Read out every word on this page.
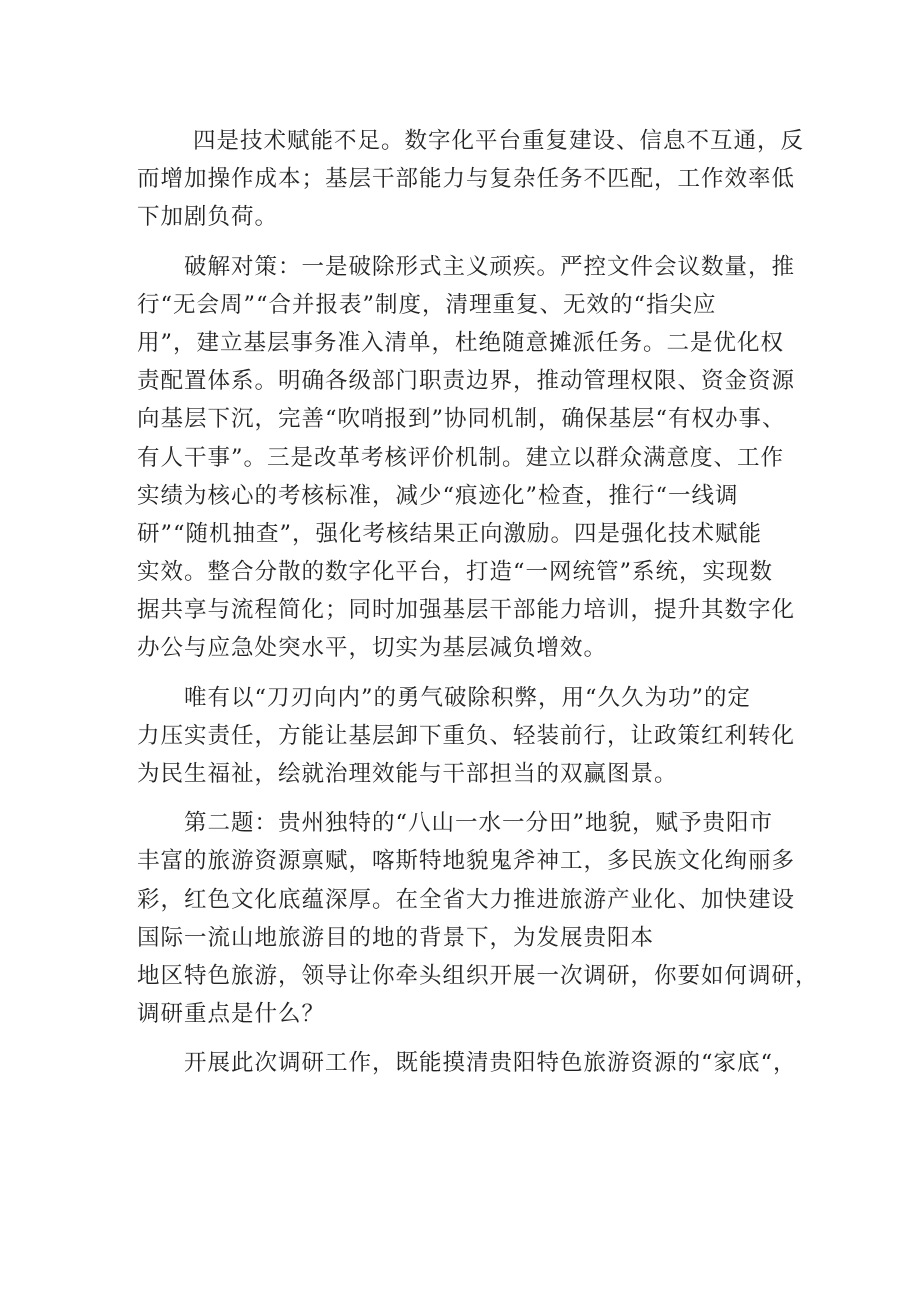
四是技术赋能不足。数字化平台重复建设、信息不互通，反
而增加操作成本；基层干部能力与复杂任务不匹配，工作效率低
下加剧负荷。
破解对策：一是破除形式主义顽疾。严控文件会议数量，推
行“无会周”“合并报表”制度，清理重复、无效的“指尖应
用”，建立基层事务准入清单，杜绝随意摊派任务。二是优化权
责配置体系。明确各级部门职责边界，推动管理权限、资金资源
向基层下沉，完善“吹哨报到”协同机制，确保基层“有权办事、
有人干事”。三是改革考核评价机制。建立以群众满意度、工作
实绩为核心的考核标准，减少“痕迹化”检查，推行“一线调
研”“随机抽查”，强化考核结果正向激励。四是强化技术赋能
实效。整合分散的数字化平台，打造“一网统管”系统，实现数
据共享与流程简化；同时加强基层干部能力培训，提升其数字化
办公与应急处突水平，切实为基层减负增效。
唯有以“刀刃向内”的勇气破除积弊，用“久久为功”的定
力压实责任，方能让基层卸下重负、轻装前行，让政策红利转化
为民生福祉，绘就治理效能与干部担当的双赢图景。
第二题：贵州独特的“八山一水一分田”地貌，赋予贵阳市
丰富的旅游资源禀赋，喀斯特地貌鬼斧神工，多民族文化绚丽多
彩，红色文化底蕴深厚。在全省大力推进旅游产业化、加快建设
国际一流山地旅游目的地的背景下，为发展贵阳本
地区特色旅游，领导让你牵头组织开展一次调研，你要如何调研，
调研重点是什么？
开展此次调研工作，既能摸清贵阳特色旅游资源的“家底“，
